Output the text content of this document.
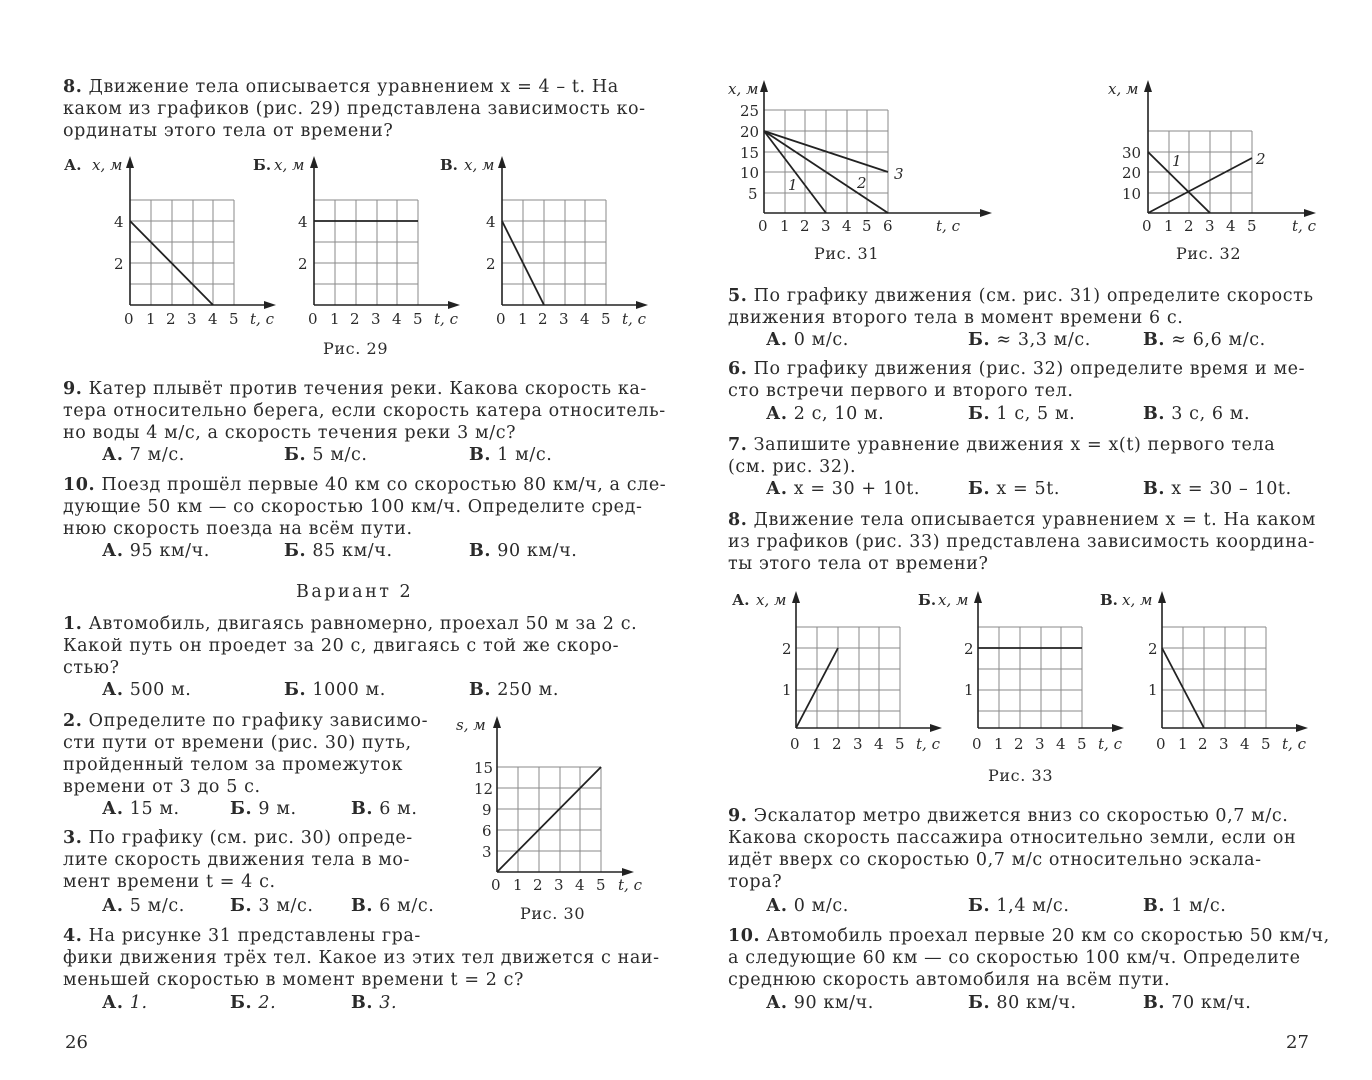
8. Движение тела описывается уравнением x = 4 – t. На
каком из графиков (рис. 29) представлена зависимость ко-
ординаты этого тела от времени?
А. x, м
4
2
0 1 2 3 4 5 t, с
Б. x, м
4
2
0 1 2 3 4 5 t, с
В. x, м
4
2
0 1 2 3 4 5 t, с
Рис. 29
9. Катер плывёт против течения реки. Какова скорость ка-
тера относительно берега, если скорость катера относитель-
но воды 4 м/с, а скорость течения реки 3 м/с?
А. 7 м/с.	Б. 5 м/с.	В. 1 м/с.
10. Поезд прошёл первые 40 км со скоростью 80 км/ч, а сле-
дующие 50 км — со скоростью 100 км/ч. Определите сред-
нюю скорость поезда на всём пути.
А. 95 км/ч.	Б. 85 км/ч.	В. 90 км/ч.
Вариант 2
1. Автомобиль, двигаясь равномерно, проехал 50 м за 2 с.
Какой путь он проедет за 20 с, двигаясь с той же скоро-
стью?
А. 500 м.	Б. 1000 м.	В. 250 м.
2. Определите по графику зависимо-
сти пути от времени (рис. 30) путь,
пройденный телом за промежуток
времени от 3 до 5 с.
А. 15 м.	Б. 9 м.	В. 6 м.
3. По графику (см. рис. 30) опреде-
лите скорость движения тела в мо-
мент времени t = 4 с.
А. 5 м/с.	Б. 3 м/с. В. 6 м/с.
s, м
15
12
9
6
3
0 1 2 3 4 5 t, с
Рис. 30
4. На рисунке 31 представлены гра-
фики движения трёх тел. Какое из этих тел движется с наи-
меньшей скоростью в момент времени t = 2 с?
А. 1.	Б. 2.	В. 3.
26
x, м
1	2 3
25
20
15
10
5
0 1 2 3 4 5 6	t, с
Рис. 31
x, м
1	2
30
20
10
0 1 2 3 4 5 t, с
Рис. 32
5. По графику движения (см. рис. 31) определите скорость
движения второго тела в момент времени 6 с.
А. 0 м/с.	Б. ≈ 3,3 м/с.	В. ≈ 6,6 м/с.
6. По графику движения (рис. 32) определите время и ме-
сто встречи первого и второго тел.
А. 2 с, 10 м.	Б. 1 с, 5 м.	В. 3 с, 6 м.
7. Запишите уравнение движения x = x(t) первого тела
(см. рис. 32).
А. x = 30 + 10t.	Б. x = 5t.	В. x = 30 – 10t.
8. Движение тела описывается уравнением x = t. На каком
из графиков (рис. 33) представлена зависимость координа-
ты этого тела от времени?
А. x, м
2
1
0 1 2 3 4 5 t, с
Б. x, м
2
1
0 1 2 3 4 5 t, с
В. x, м
2
1
0 1 2 3 4 5 t, с
Рис. 33
9. Эскалатор метро движется вниз со скоростью 0,7 м/с.
Какова скорость пассажира относительно земли, если он
идёт вверх со скоростью 0,7 м/с относительно эскала-
тора?
А. 0 м/с.	Б. 1,4 м/с.	В. 1 м/с.
10. Автомобиль проехал первые 20 км со скоростью 50 км/ч,
а следующие 60 км — со скоростью 100 км/ч. Определите
среднюю скорость автомобиля на всём пути.
А. 90 км/ч.	Б. 80 км/ч.	В. 70 км/ч.
27
